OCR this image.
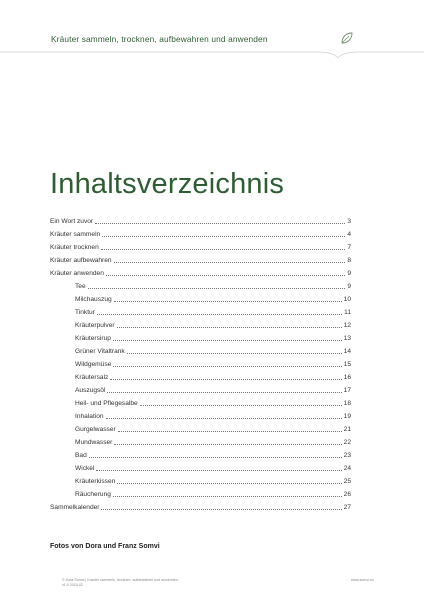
Kräuter sammeln, trocknen, aufbewahren und anwenden
Inhaltsverzeichnis
Ein Wort zuvor	3
Kräuter sammeln	4
Kräuter trocknen	7
Kräuter aufbewahren	8
Kräuter anwenden	9
Tee	9
Milchauszug	10
Tinktur	11
Kräuterpulver	12
Kräutersirup	13
Grüner Vitaltrank	14
Wildgemüse	15
Kräutersalz	16
Auszugsöl	17
Heil- und Pflegesalbe	18
Inhalation	19
Gurgelwasser	21
Mundwasser	22
Bad	23
Wickel	24
Kräuterkissen	25
Räucherung	26
Sammelkalender	27
Fotos von Dora und Franz Somvi
© Dora Somvi | Kräuter sammeln, trocknen, aufbewahren und anwenden
v1.0 2024-02
www.somvi.eu
